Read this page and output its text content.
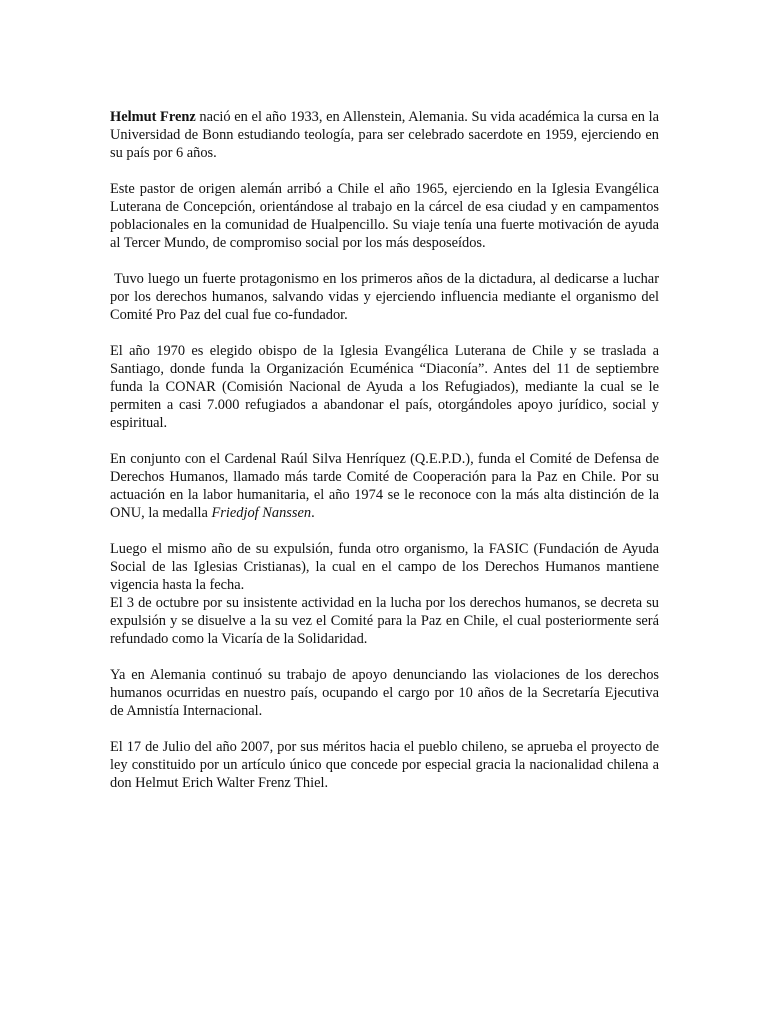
Helmut Frenz nació en el año 1933, en Allenstein, Alemania. Su vida académica la cursa en la Universidad de Bonn estudiando teología, para ser celebrado sacerdote en 1959, ejerciendo en su país por 6 años.

Este pastor de origen alemán arribó a Chile el año 1965, ejerciendo en la Iglesia Evangélica Luterana de Concepción, orientándose al trabajo en la cárcel de esa ciudad y en campamentos poblacionales en la comunidad de Hualpencillo. Su viaje tenía una fuerte motivación de ayuda al Tercer Mundo, de compromiso social por los más desposeídos.

Tuvo luego un fuerte protagonismo en los primeros años de la dictadura, al dedicarse a luchar por los derechos humanos, salvando vidas y ejerciendo influencia mediante el organismo del Comité Pro Paz del cual fue co-fundador.

El año 1970 es elegido obispo de la Iglesia Evangélica Luterana de Chile y se traslada a Santiago, donde funda la Organización Ecuménica “Diaconía”. Antes del 11 de septiembre funda la CONAR (Comisión Nacional de Ayuda a los Refugiados), mediante la cual se le permiten a casi 7.000 refugiados a abandonar el país, otorgándoles apoyo jurídico, social y espiritual.

En conjunto con el Cardenal Raúl Silva Henríquez (Q.E.P.D.), funda el Comité de Defensa de Derechos Humanos, llamado más tarde Comité de Cooperación para la Paz en Chile. Por su actuación en la labor humanitaria, el año 1974 se le reconoce con la más alta distinción de la ONU, la medalla Friedjof Nanssen.

Luego el mismo año de su expulsión, funda otro organismo, la FASIC (Fundación de Ayuda Social de las Iglesias Cristianas), la cual en el campo de los Derechos Humanos mantiene vigencia hasta la fecha.

El 3 de octubre por su insistente actividad en la lucha por los derechos humanos, se decreta su expulsión y se disuelve a la su vez el Comité para la Paz en Chile, el cual posteriormente será refundado como la Vicaría de la Solidaridad.

Ya en Alemania continuó su trabajo de apoyo denunciando las violaciones de los derechos humanos ocurridas en nuestro país, ocupando el cargo por 10 años de la Secretaría Ejecutiva de Amnistía Internacional.

El 17 de Julio del año 2007, por sus méritos hacia el pueblo chileno, se aprueba el proyecto de ley constituido por un artículo único que concede por especial gracia la nacionalidad chilena a don Helmut Erich Walter Frenz Thiel.
